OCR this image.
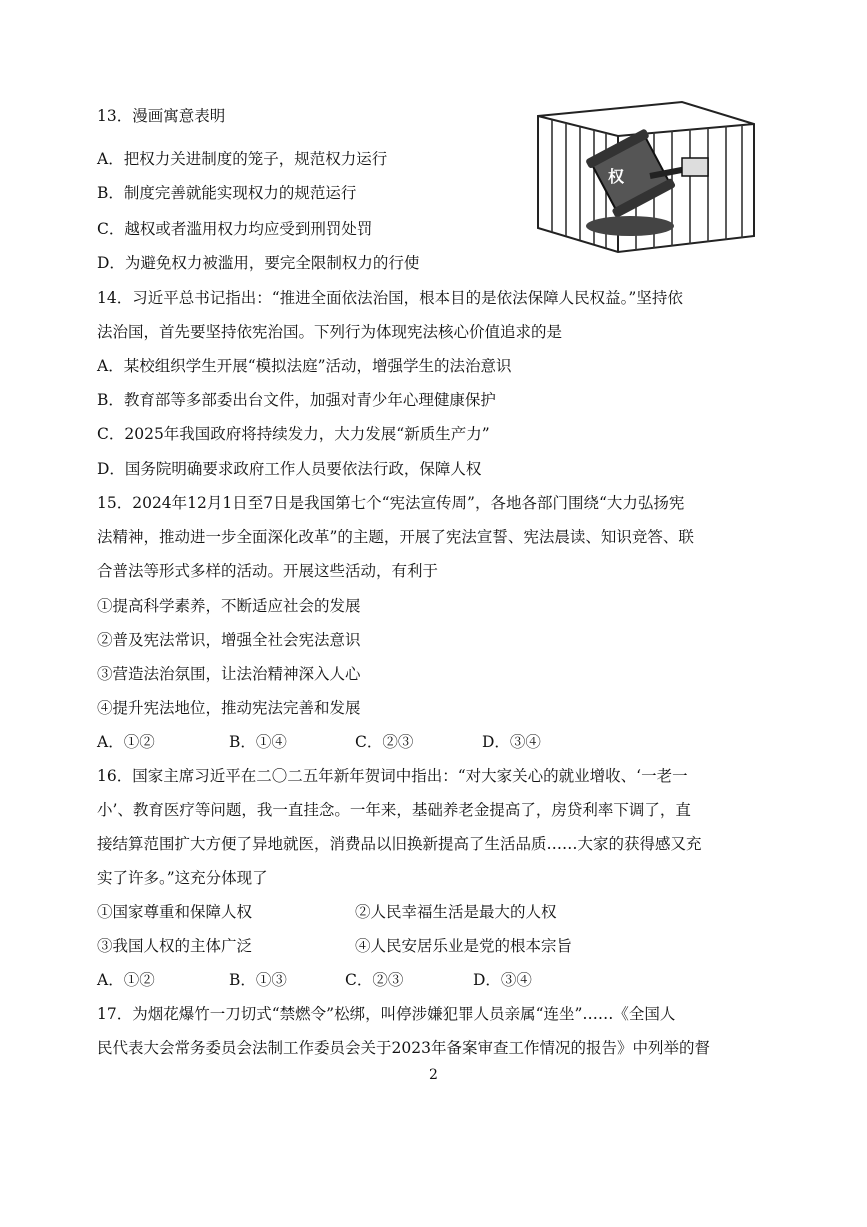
13．漫画寓意表明
权
A．把权力关进制度的笼子，规范权力运行
B．制度完善就能实现权力的规范运行
C．越权或者滥用权力均应受到刑罚处罚
D．为避免权力被滥用，要完全限制权力的行使
14．习近平总书记指出：“推进全面依法治国，根本目的是依法保障人民权益。”坚持依
法治国，首先要坚持依宪治国。下列行为体现宪法核心价值追求的是
A．某校组织学生开展“模拟法庭”活动，增强学生的法治意识
B．教育部等多部委出台文件，加强对青少年心理健康保护
C．2025年我国政府将持续发力，大力发展“新质生产力”
D．国务院明确要求政府工作人员要依法行政，保障人权
15．2024年12月1日至7日是我国第七个“宪法宣传周”，各地各部门围绕“大力弘扬宪
法精神，推动进一步全面深化改革”的主题，开展了宪法宣誓、宪法晨读、知识竞答、联
合普法等形式多样的活动。开展这些活动，有利于
①提高科学素养，不断适应社会的发展
②普及宪法常识，增强全社会宪法意识
③营造法治氛围，让法治精神深入人心
④提升宪法地位，推动宪法完善和发展
A．①②	B．①④	C．②③	D．③④
16．国家主席习近平在二〇二五年新年贺词中指出：“对大家关心的就业增收、‘一老一
小’、教育医疗等问题，我一直挂念。一年来，基础养老金提高了，房贷利率下调了，直
接结算范围扩大方便了异地就医，消费品以旧换新提高了生活品质……大家的获得感又充
实了许多。”这充分体现了
①国家尊重和保障人权	②人民幸福生活是最大的人权
③我国人权的主体广泛	④人民安居乐业是党的根本宗旨
A．①②	B．①③	C．②③	D．③④
17．为烟花爆竹一刀切式“禁燃令”松绑，叫停涉嫌犯罪人员亲属“连坐”……《全国人
民代表大会常务委员会法制工作委员会关于2023年备案审查工作情况的报告》中列举的督
2
